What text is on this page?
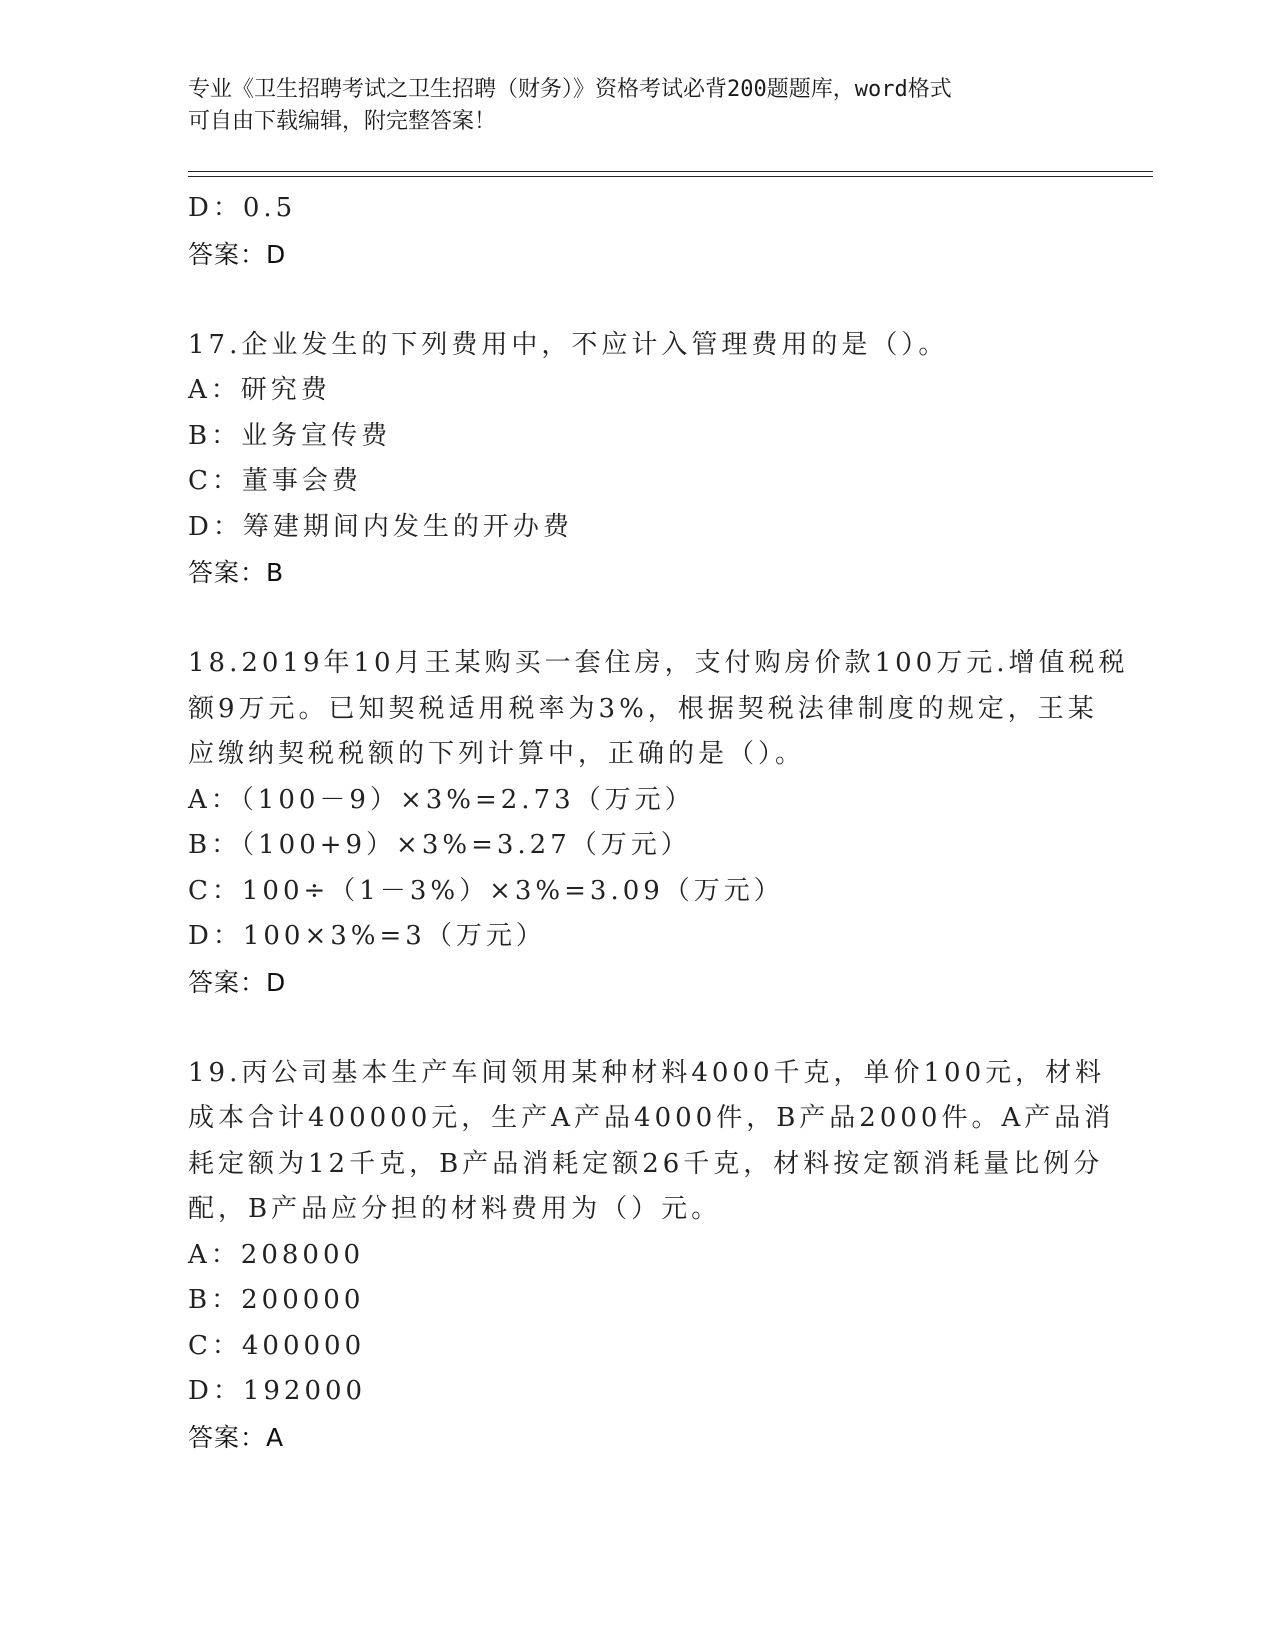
专业《卫生招聘考试之卫生招聘（财务）》资格考试必背200题题库，word格式
可自由下载编辑，附完整答案！
D：0.5
答案：D
17.企业发生的下列费用中，不应计入管理费用的是（）。
A：研究费
B：业务宣传费
C：董事会费
D：筹建期间内发生的开办费
答案：B
18.2019年10月王某购买一套住房，支付购房价款100万元.增值税税
额9万元。已知契税适用税率为3%，根据契税法律制度的规定，王某
应缴纳契税税额的下列计算中，正确的是（）。
A：（100－9）×3%=2.73（万元）
B：（100+9）×3%=3.27（万元）
C：100÷（1－3%）×3%=3.09（万元）
D：100×3%=3（万元）
答案：D
19.丙公司基本生产车间领用某种材料4000千克，单价100元，材料
成本合计400000元，生产A产品4000件，B产品2000件。A产品消
耗定额为12千克，B产品消耗定额26千克，材料按定额消耗量比例分
配，B产品应分担的材料费用为（）元。
A：208000
B：200000
C：400000
D：192000
答案：A
